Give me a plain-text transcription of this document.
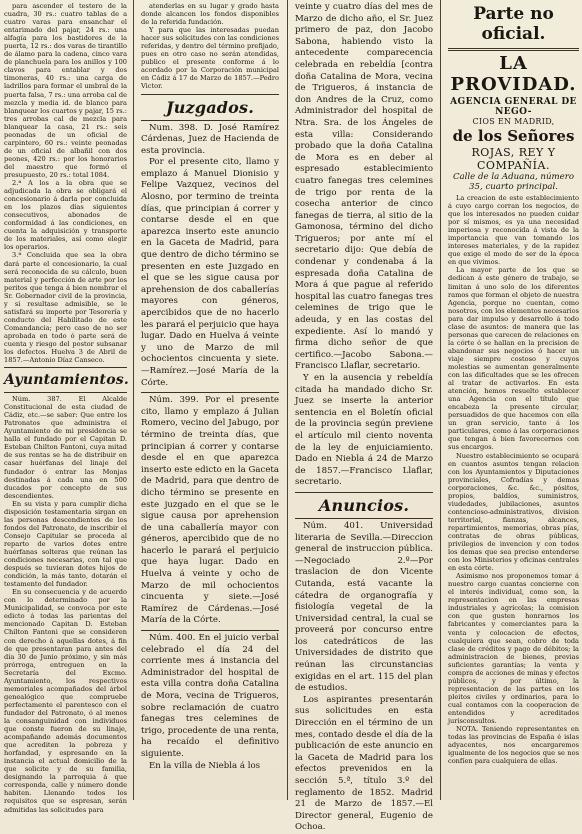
para ascender el testero de la cuadra, 30 rs.: cuatro tablas de a cuatro varas para ensanchar el entarimado del pajar, 24 rs.: una alfagía para los bastidores de la puerta, 12 rs.: dos varas de tirantillo de álamo para la cadena, cinco vara de planchuela para los anillos y 100 clavos para entablar y dos timoneras, 40 rs.: una carga de ladrillos para formar el umbral de la puerta falsa, 7 rs.: una arroba cal de mezcla y media id. de blanco para blanquear los cuartos y pajar, 15 rs.: tres arrobas cal de mezcla para blanquear la casa, 21 rs.: seis peonadas de un oficial de carpintero, 60 rs.: veinte peonadas de un oficial de albañil con dos peones, 420 rs.: por los honorarios del maestro que formó el presupuesto, 20 rs.: total 1084.

2.ª A los a la obra que se adjudicada la obra se obligará el concesionario á darla por concluida en los plazos días siguientes consecutivos, abonados de conformidad á las condiciones, en cuenta la adquisición y transporte de los materiales, así como elegir los operarios.

3.ª Concluida que sea la obra dará parte el concesionario, la cual será reconocida de su cálculo, buen material y perfección de arte por los peritos que tenga á bien nombrar el Sr. Gobernador civil de la provincia, y si resultase admisible, se le satisfará su importe por Tesorería y conducto del Habilitado de este Comandancia; pero caso de no ser aprobada en todo ó parte será de cuenta y riesgo del postor subsanar los defectos. Huelva 3 de Abril de 1857.—Antonio Díaz Canseco.

Ayuntamientos.

Núm. 387. El Alcalde Constitucional de esta ciudad de Cádiz, etc.—se saber: Que entre los Patronatos que administra el Ayuntamiento de mi presidencia se halla el fundado por el Capitan D. Esteban Chilton Fantoni, cuya mitad de sus rentas se ha de distribuir en casar huérfanas del linaje del fundador ó entrar las Monjas destinadas á cada una en 500 ducados por concepto de sus descendientes.

En su vista y para cumplir dicha disposición testamentaria sirgan en las personas descendientes de los fondos del Patronato, de inscribir el Consejo Capitular se proceda al reparto de varios dotes entre huérfanas solteras que reúnan las condiciones necesarias, con tal que después se tuvieran dotes hijos de condición, la más tanto, dotarán el testamento del fundador.

En su consecuencia y de acuerdo con lo determinado por la Municipalidad, se convoca por este edicto á todas las parientas del mencionado Capitan D. Esteban Chilton Fantoni que se consideren con derecho á aquellas dotes, á fin de que presentaran para antes del día 30 de Junio próximo, y sin más prórroga, entreguen en la Secretaría del Excmo. Ayuntamiento, los respectivos memoriales acompañados del árbol genealógico que compruebe perfectamente el parentesco con el fundador del Patronato, ó al menos la consanguinidad con individuos que conste fueron de su linaje, acompañando además documentos que acrediten la pobreza y horfandad, y espresando en la instancia el actual domicilio de la que solicite y de su familia, designando la parroquia á que corresponda, calle y número donde habiten. Llenando todos los requisitos que se espresan, serán admitidas las solicitudes para

atenderlas en su lugar y grado hasta donde alcancen los fondos disponibles de la referida fundación.

Y para que las interesadas puedan hacer sus solicitudes con las condiciones referidas, y dentro del término prefijado, pues en otro caso no serán atendidas, publico el presente conforme á lo acordado por la Corporación municipal en Cádiz á 17 de Marzo de 1857.—Pedro Victor.

Juzgados.

Num. 398. D. José Ramírez Cárdenas, Juez de Hacienda de esta provincia.

Por el presente cito, llamo y emplazo á Manuel Dionisio y Felipe Vazquez, vecinos del Alosno, por termino de treinta días, que principian á correr y contarse desde el en que aparezca inserto este anuncio en la Gaceta de Madrid, para que dentro de dicho término se presenten en este Juzgado en el que se les sigue causa por aprehension de dos caballerías mayores con géneros, apercibidos que de no hacerlo les parará el perjuicio que haya lugar. Dado en Huelva á veinte y uno de Marzo de mil ochocientos cincuenta y siete.—Ramírez.—José María de la Córte.

Núm. 399. Por el presente cito, llamo y emplazo á Julian Romero, vecino del Jabugo, por término de treinta días, que principian á correr y contarse desde el en que aparezca inserto este edicto en la Gaceta de Madrid, para que dentro de dicho término se presente en este juzgado en el que se le sigue causa por aprehension de una caballería mayor con géneros, apercibido que de no hacerlo le parará el perjuicio que haya lugar. Dado en Huelva á veinte y ocho de Marzo de mil ochocientos cincuenta y siete.—José Ramírez de Cárdenas.—José María de la Córte.

Núm. 400. En el juicio verbal celebrado el día 24 del corriente mes á instancia del Administrador del hospital de esta villa contra doña Catalina de Mora, vecina de Trigueros, sobre reclamación de cuatro fanegas tres celemines de trigo, procedente de una renta, ha recaído el definitivo siguiente.

En la villa de Niebla á los

veinte y cuatro días del mes de Marzo de dicho año, el Sr. Juez primero de paz, don Jacobo Sabona, habiendo visto la antecedente comparecencia celebrada en rebeldía [contra doña Catalina de Mora, vecina de Trigueros, á instancia de don Andres de la Cruz, como Administrador del hospital de Ntra. Sra. de los Ángeles de esta villa: Considerando probado que la doña Catalina de Mora es en deber al espresado establecimiento cuatro fanegas tres celemines de trigo por renta de la cosecha anterior de cinco fanegas de tierra, al sitio de la Gamonosa, término del dicho Trigueros; por ante mí el secretario dijo: Que debía de condenar y condenaba á la espresada doña Catalina de Mora á que pague al referido hospital las cuatro fanegas tres celemines de trigo que le adeuda, y en las costas del expediente. Así lo mandó y firma dicho señor de que certifico.—Jacobo Sabona.—Francisco Llaflar, secretario.

Y en la ausencia y rebeldía citada ha mandado dicho Sr. Juez se inserte la anterior sentencia en el Boletín oficial de la provincia según previene el artículo mil ciento noventa de la ley de enjuiciamiento. Dado en Niebla á 24 de Marzo de 1857.—Francisco Llaflar, secretario.

Anuncios.

Núm. 401. Universidad literaria de Sevilla.—Direccion general de instruccion pública.—Negociado 2.º—Por traslacion de don Vicente Cutanda, está vacante la cátedra de organografía y fisiología vegetal de la Universidad central, la cual se proveerá por concurso entre los catedráticos de las Universidades de distrito que reúnan las circunstancias exigidas en el art. 115 del plan de estudios.

Los aspirantes presentarán sus solicitudes en esta Dirección en el término de un mes, contado desde el día de la publicación de este anuncio en la Gaceta de Madrid para los efectos prevenidos en la sección 5.ª, título 3.º del reglamento de 1852. Madrid 21 de Marzo de 1857.—El Director general, Eugenio de Ochoa.

Parte no oficial.
LA PROVIDAD.
AGENCIA GENERAL DE NEGO-
CIOS EN MADRID,
de los Señores
ROJAS, REY Y COMPAÑÍA.
Calle de la Aduana, número 35, cuarto principal.

La creacion de este establecimiento á cuyo cargo corran los negocios, de que los interesados no pueden cuidar por sí mismos, es ya una necesidad imperiosa y reconocida á vista de la importancia que van tomando los intereses materiales, y de la rapidez que exige el modo de ser de la época en que vivimos.

La mayor parte de los que se dedican á este género de trabajo, se limitan á uno solo de los diferentes ramos que forman el objeto de nuestra Agencia, porque no cuentan, como nosotros, con los elementos necesarios para dar impulso y desarrollo á todo clase de asuntos: de manera que las personas que carecen de relaciones en la córte ó se hallan en la precision de abandonar sus negocios ó hacer un viaje siempre costoso y cuyos molestias se aumentan generalmente con las dificultades que se les ofrecen al tratar de activarlos. En esta atención, hemos resuelto establecer una Agencia con el título que encabeza la presente circular, persuadidos de que hacemos con ella un gran servicio, tanto á los particulares, como á las corporaciones que tengan á bien favorecernos con sus encargos.

Nuestro establecimiento se ocupará en cuantos asuntos tengan relacion con los Ayuntamientos y Diputaciones provinciales, Cofradías y demas corporaciones, &c. &c., pósitos, propios, baldíos, suministros, viudedades, jubilaciones, asuntos contencioso-administrativos, division territorial, fianzas, alcances, repartimientos, memorias, obras pías, contratas de obras públicas, privilegios de invencion y con todos los demas que sea preciso entenderse con los Ministerios y oficinas centrales en esta córte.

Asimismo nos proponemos tomar á nuestro cargo cuantas concierne con el interés individual, como son, la representacion en las empresas industriales y agrícolas; la comision con que gusten honrarnos los fabricantes y comerciantes para la venta y colocacion de efectos, cualquiera que sean, cobro de toda clase de créditos y pago de débitos; la administracion de bienes, previas suficientes garantías; la venta y compra de acciones de minas y efectos públicos, y por último, la representacion de las partes en los pleitos civiles y ordinarios, para lo cual contamos con la cooperacion de entendidos y acreditados jurisconsultos.

NOTA. Teniendo representantes en todas las provincias de España é islas adyacentes, nos encargaremos igualmente de los negocios que se nos confíen para cualquiera de ellas.
